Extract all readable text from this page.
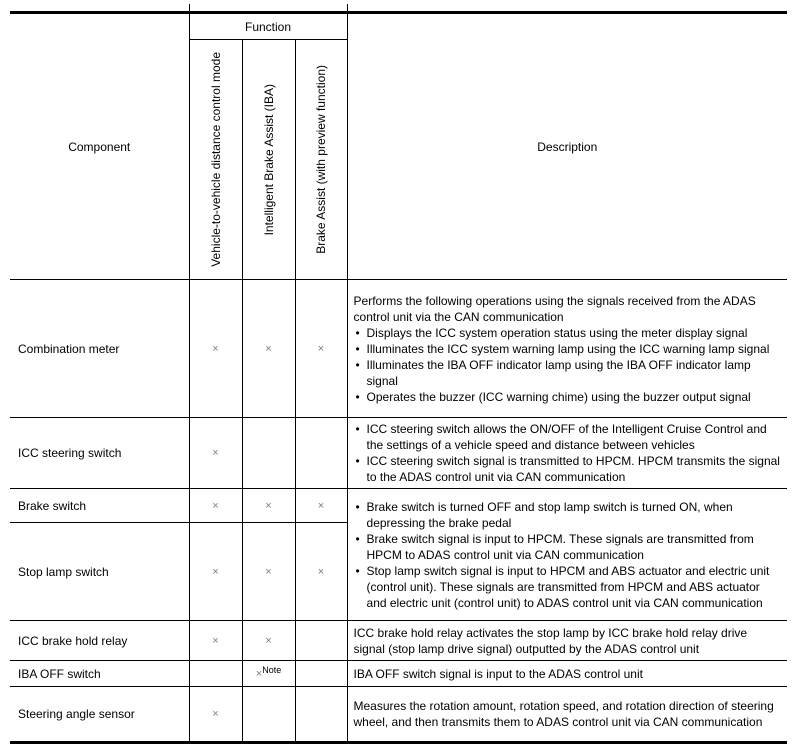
Component	Function			Description

	Vehicle-to-vehicle distance control mode	Intelligent Brake Assist (IBA)	Brake Assist (with preview function)	

Combination meter	×	×	×	
Performs the following operations using the signals received from the ADAS control unit via the CAN communication
• Displays the ICC system operation status using the meter display signal
• Illuminates the ICC system warning lamp using the ICC warning lamp signal
• Illuminates the IBA OFF indicator lamp using the IBA OFF indicator lamp signal
• Operates the buzzer (ICC warning chime) using the buzzer output signal

ICC steering switch	×			• ICC steering switch allows the ON/OFF of the Intelligent Cruise Control and the settings of a vehicle speed and distance between vehicles
• ICC steering switch signal is transmitted to HPCM. HPCM transmits the signal to the ADAS control unit via CAN communication

Brake switch	×	×	×	• Brake switch is turned OFF and stop lamp switch is turned ON, when depressing the brake pedal
• Brake switch signal is input to HPCM. These signals are transmitted from HPCM to ADAS control unit via CAN communication
• Stop lamp switch signal is input to HPCM and ABS actuator and electric unit (control unit). These signals are transmitted from HPCM and ABS actuator and electric unit (control unit) to ADAS control unit via CAN communication

Stop lamp switch	×	×	×	
ICC brake hold relay	×	×		ICC brake hold relay activates the stop lamp by ICC brake hold relay drive signal (stop lamp drive signal) outputted by the ADAS control unit

IBA OFF switch		×$^{Note}$		IBA OFF switch signal is input to the ADAS control unit

Steering angle sensor	×			Measures the rotation amount, rotation speed, and rotation direction of steering wheel, and then transmits them to ADAS control unit via CAN communication
